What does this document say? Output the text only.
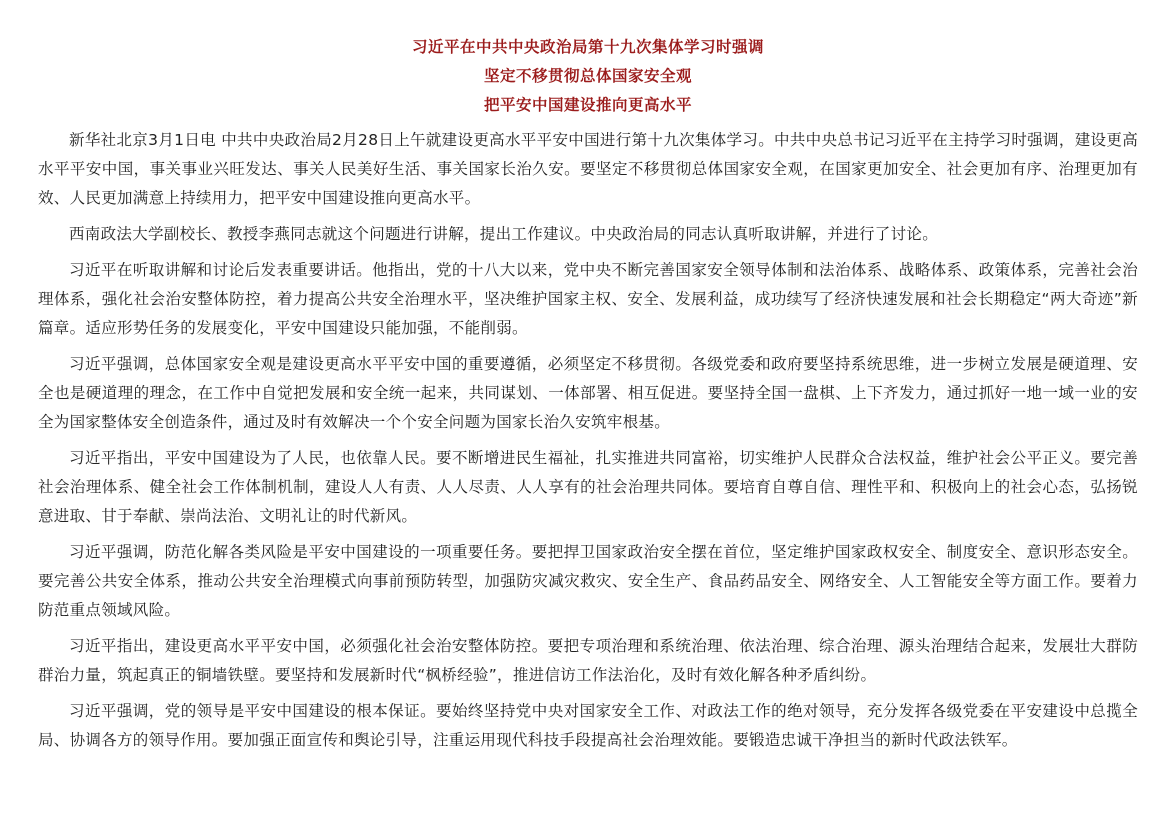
习近平在中共中央政治局第十九次集体学习时强调
坚定不移贯彻总体国家安全观
把平安中国建设推向更高水平

新华社北京3月1日电 中共中央政治局2月28日上午就建设更高水平平安中国进行第十九次集体学习。中共中央总书记习近平在主持学习时强调，建设更高水平平安中国，事关事业兴旺发达、事关人民美好生活、事关国家长治久安。要坚定不移贯彻总体国家安全观，在国家更加安全、社会更加有序、治理更加有效、人民更加满意上持续用力，把平安中国建设推向更高水平。

西南政法大学副校长、教授李燕同志就这个问题进行讲解，提出工作建议。中央政治局的同志认真听取讲解，并进行了讨论。

习近平在听取讲解和讨论后发表重要讲话。他指出，党的十八大以来，党中央不断完善国家安全领导体制和法治体系、战略体系、政策体系，完善社会治理体系，强化社会治安整体防控，着力提高公共安全治理水平，坚决维护国家主权、安全、发展利益，成功续写了经济快速发展和社会长期稳定“两大奇迹”新篇章。适应形势任务的发展变化，平安中国建设只能加强，不能削弱。

习近平强调，总体国家安全观是建设更高水平平安中国的重要遵循，必须坚定不移贯彻。各级党委和政府要坚持系统思维，进一步树立发展是硬道理、安全也是硬道理的理念，在工作中自觉把发展和安全统一起来，共同谋划、一体部署、相互促进。要坚持全国一盘棋、上下齐发力，通过抓好一地一域一业的安全为国家整体安全创造条件，通过及时有效解决一个个安全问题为国家长治久安筑牢根基。

习近平指出，平安中国建设为了人民，也依靠人民。要不断增进民生福祉，扎实推进共同富裕，切实维护人民群众合法权益，维护社会公平正义。要完善社会治理体系、健全社会工作体制机制，建设人人有责、人人尽责、人人享有的社会治理共同体。要培育自尊自信、理性平和、积极向上的社会心态，弘扬锐意进取、甘于奉献、崇尚法治、文明礼让的时代新风。

习近平强调，防范化解各类风险是平安中国建设的一项重要任务。要把捍卫国家政治安全摆在首位，坚定维护国家政权安全、制度安全、意识形态安全。要完善公共安全体系，推动公共安全治理模式向事前预防转型，加强防灾减灾救灾、安全生产、食品药品安全、网络安全、人工智能安全等方面工作。要着力防范重点领域风险。

习近平指出，建设更高水平平安中国，必须强化社会治安整体防控。要把专项治理和系统治理、依法治理、综合治理、源头治理结合起来，发展壮大群防群治力量，筑起真正的铜墙铁壁。要坚持和发展新时代“枫桥经验”，推进信访工作法治化，及时有效化解各种矛盾纠纷。

习近平强调，党的领导是平安中国建设的根本保证。要始终坚持党中央对国家安全工作、对政法工作的绝对领导，充分发挥各级党委在平安建设中总揽全局、协调各方的领导作用。要加强正面宣传和舆论引导，注重运用现代科技手段提高社会治理效能。要锻造忠诚干净担当的新时代政法铁军。
